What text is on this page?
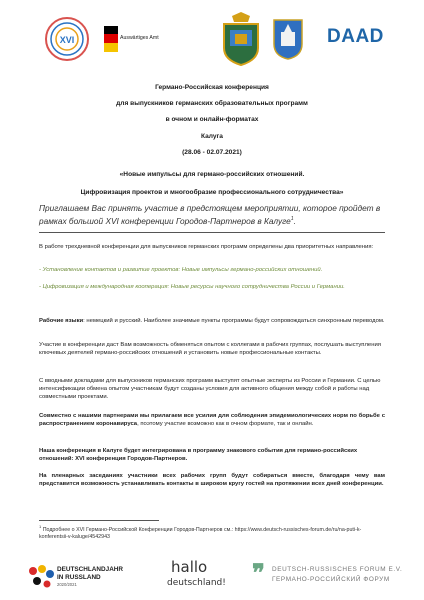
XVI	Auswärtiges Amt	DAAD
Германо-Российская конференция
для выпускников германских образовательных программ
в очном и онлайн-форматах
Калуга
(28.06 - 02.07.2021)
«Новые импульсы для германо-российских отношений.
Цифровизация проектов и многообразие профессионального сотрудничества»
Приглашаем Вас принять участие в предстоящем мероприятии, которое пройдет в рамках большой XVI конференции Городов-Партнеров в Калуге$^1$.
В работе трехдневной конференции для выпускников германских программ определены два приоритетных направления:
- Установление контактов и развитие проектов: Новые импульсы германо-российских отношений.
- Цифровизация и международная кооперация: Новые ресурсы научного сотрудничества России и Германии.
Рабочие языки: немецкий и русский. Наиболее значимые пункты программы будут сопровождаться синхронным переводом.
Участие в конференции даст Вам возможность обменяться опытом с коллегами в рабочих группах, послушать выступления ключевых деятелей германо-российских отношений и установить новые профессиональные контакты.
С вводными докладами для выпускников германских программ выступят опытные эксперты из России и Германии. С целью интенсификации обмена опытом участникам будут созданы условия для активного общения между собой и работы над совместными проектами.
Совместно с нашими партнерами мы прилагаем все усилия для соблюдения эпидемиологических норм по борьбе с распространением коронавируса, поэтому участие возможно как в очном формате, так и онлайн.
Наша конференция в Калуге будет интегрирована в программу знакового события для германо-российских отношений: XVI конференция Городов-Партнеров.
На пленарных заседаниях участники всех рабочих групп будут собираться вместе, благодаря чему вам представится возможность устанавливать контакты в широком кругу гостей на протяжении всех дней конференции.
$^1$ Подробнее о XVI Германо-Российской Конференции Городов-Партнеров см.: https://www.deutsch-russisches-forum.de/ru/na-puti-k-konferentsii-v-kaluge/4542943
DEUTSCHLANDJAHR
IN RUSSLAND
2020/2021
hallo
deutschland! ❞ DEUTSCH-RUSSISCHES FORUM E.V.
ГЕРМАНО-РОССИЙСКИЙ ФОРУМ
